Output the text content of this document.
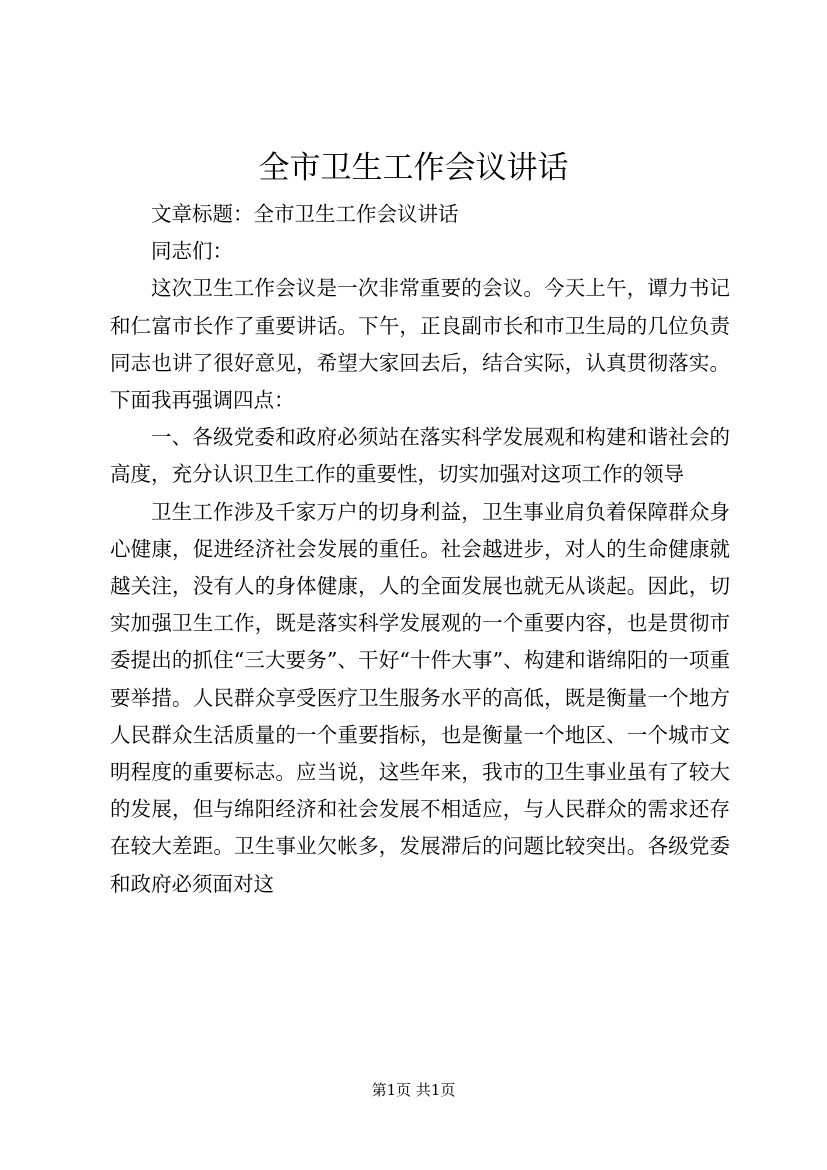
全市卫生工作会议讲话

文章标题：全市卫生工作会议讲话

同志们：

这次卫生工作会议是一次非常重要的会议。今天上午，谭力书记和仁富市长作了重要讲话。下午，正良副市长和市卫生局的几位负责同志也讲了很好意见，希望大家回去后，结合实际，认真贯彻落实。下面我再强调四点：

一、各级党委和政府必须站在落实科学发展观和构建和谐社会的高度，充分认识卫生工作的重要性，切实加强对这项工作的领导

卫生工作涉及千家万户的切身利益，卫生事业肩负着保障群众身心健康，促进经济社会发展的重任。社会越进步，对人的生命健康就越关注，没有人的身体健康，人的全面发展也就无从谈起。因此，切实加强卫生工作，既是落实科学发展观的一个重要内容，也是贯彻市委提出的抓住“三大要务”、干好“十件大事”、构建和谐绵阳的一项重要举措。人民群众享受医疗卫生服务水平的高低，既是衡量一个地方人民群众生活质量的一个重要指标，也是衡量一个地区、一个城市文明程度的重要标志。应当说，这些年来，我市的卫生事业虽有了较大的发展，但与绵阳经济和社会发展不相适应，与人民群众的需求还存在较大差距。卫生事业欠帐多，发展滞后的问题比较突出。各级党委和政府必须面对这

第1页 共1页
